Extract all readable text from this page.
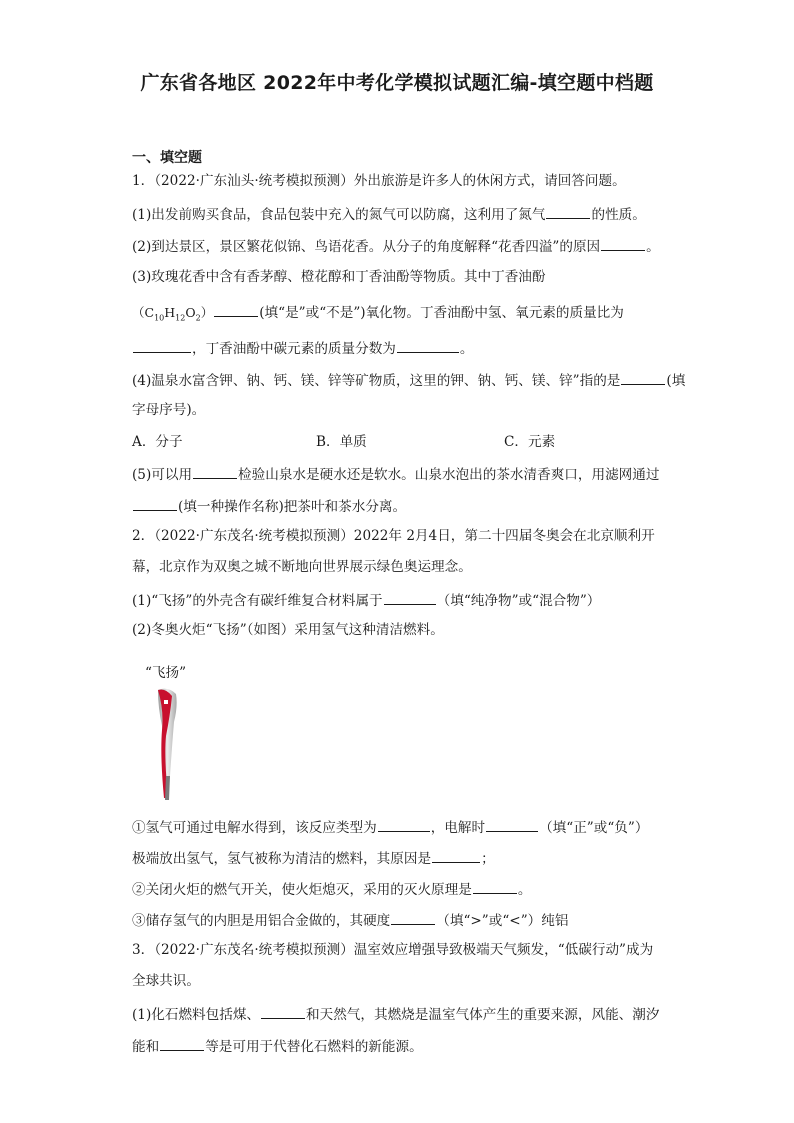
广东省各地区 2022年中考化学模拟试题汇编-填空题中档题
一、填空题
1．（2022·广东汕头·统考模拟预测）外出旅游是许多人的休闲方式，请回答问题。
(1)出发前购买食品，食品包装中充入的氮气可以防腐，这利用了氮气	的性质。
(2)到达景区，景区繁花似锦、鸟语花香。从分子的角度解释“花香四溢”的原因	。
(3)玫瑰花香中含有香茅醇、橙花醇和丁香油酚等物质。其中丁香油酚
$(C_{10}H_{12}O_2)$	(填“是”或“不是”)氧化物。丁香油酚中氢、氧元素的质量比为
，丁香油酚中碳元素的质量分数为	。
(4)温泉水富含钾、钠、钙、镁、锌等矿物质，这里的钾、钠、钙、镁、锌”指的是	(填
字母序号)。
A．分子	B．单质	C．元素
(5)可以用	检验山泉水是硬水还是软水。山泉水泡出的茶水清香爽口，用滤网通过
(填一种操作名称)把茶叶和茶水分离。
2．（2022·广东茂名·统考模拟预测）2022年 2月4日，第二十四届冬奥会在北京顺利开
幕，北京作为双奥之城不断地向世界展示绿色奥运理念。
(1)“飞扬”的外壳含有碳纤维复合材料属于	（填“纯净物”或“混合物”）
(2)冬奥火炬“飞扬”（如图）采用氢气这种清洁燃料。
“飞扬”
①氢气可通过电解水得到，该反应类型为	，电解时	（填“正”或“负”）
极端放出氢气，氢气被称为清洁的燃料，其原因是	；
②关闭火炬的燃气开关，使火炬熄灭，采用的灭火原理是	。
③储存氢气的内胆是用铝合金做的，其硬度	（填“>”或“<”）纯铝
3．（2022·广东茂名·统考模拟预测）温室效应增强导致极端天气频发，“低碳行动”成为
全球共识。
(1)化石燃料包括煤、	和天然气，其燃烧是温室气体产生的重要来源，风能、潮汐
能和	等是可用于代替化石燃料的新能源。
